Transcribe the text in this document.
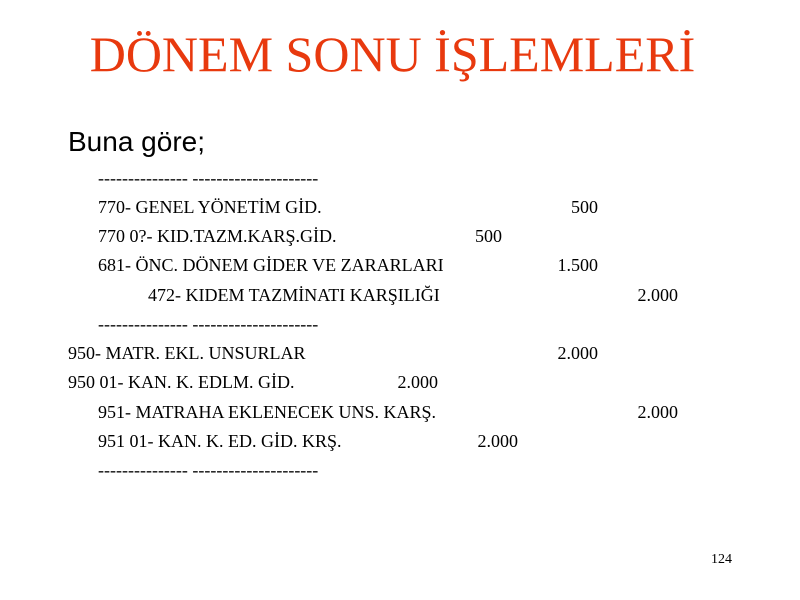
DÖNEM SONU İŞLEMLERİ
Buna göre;
--------------- ---------------------
770- GENEL YÖNETİM GİD.	500
770 0?- KID.TAZM.KARŞ.GİD.	500
681- ÖNC. DÖNEM GİDER VE ZARARLARI	1.500
472- KIDEM TAZMİNATI KARŞILIĞI	2.000
--------------- ---------------------
950- MATR. EKL. UNSURLAR	2.000
950 01- KAN. K. EDLM. GİD.	2.000
951- MATRAHA EKLENECEK UNS. KARŞ.	2.000
951 01- KAN. K. ED. GİD. KRŞ.	2.000
--------------- ---------------------
124
